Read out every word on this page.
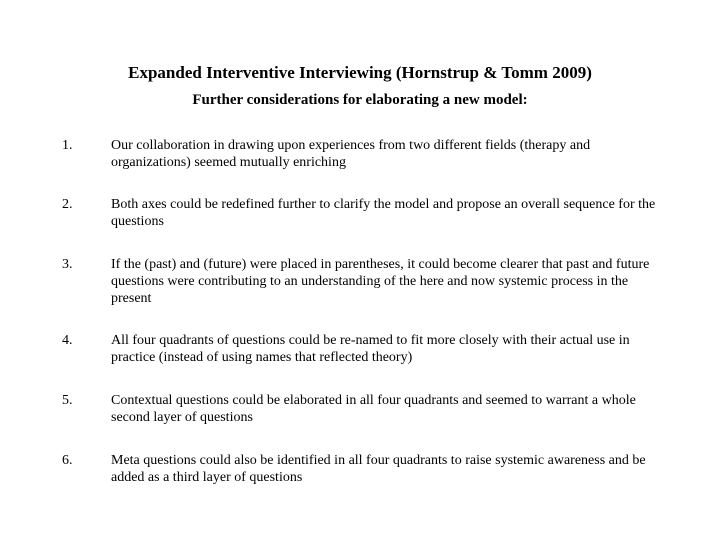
Expanded Interventive Interviewing (Hornstrup & Tomm 2009)
Further considerations for elaborating a new model:
1.	Our collaboration in drawing upon experiences from two different fields (therapy and organizations) seemed mutually enriching
2.	Both axes could be redefined further to clarify the model and propose an overall sequence for the questions
3.	If the (past) and (future) were placed in parentheses, it could become clearer that past and future questions were contributing to an understanding of the here and now systemic process in the present
4.	All four quadrants of questions could be re-named to fit more closely with their actual use in practice (instead of using names that reflected theory)
5.	Contextual questions could be elaborated in all four quadrants and seemed to warrant a whole second layer of questions
6.	Meta questions could also be identified in all four quadrants to raise systemic awareness and be added as a third layer of questions
